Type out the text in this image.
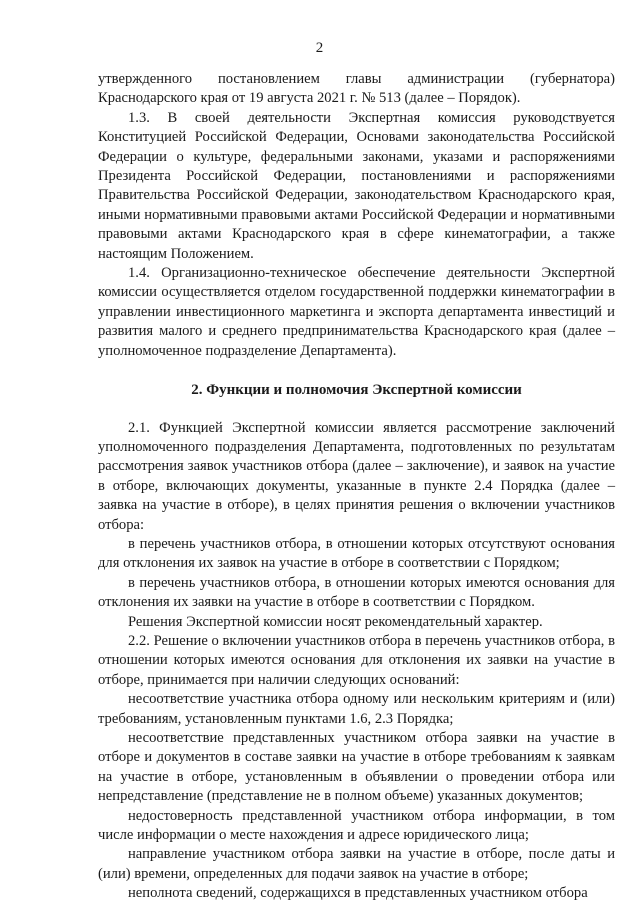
2

утвержденного постановлением главы администрации (губернатора) Краснодарского края от 19 августа 2021 г. № 513 (далее – Порядок).

1.3. В своей деятельности Экспертная комиссия руководствуется Конституцией Российской Федерации, Основами законодательства Российской Федерации о культуре, федеральными законами, указами и распоряжениями Президента Российской Федерации, постановлениями и распоряжениями Правительства Российской Федерации, законодательством Краснодарского края, иными нормативными правовыми актами Российской Федерации и нормативными правовыми актами Краснодарского края в сфере кинематографии, а также настоящим Положением.

1.4. Организационно-техническое обеспечение деятельности Экспертной комиссии осуществляется отделом государственной поддержки кинематографии в управлении инвестиционного маркетинга и экспорта департамента инвестиций и развития малого и среднего предпринимательства Краснодарского края (далее – уполномоченное подразделение Департамента).

2. Функции и полномочия Экспертной комиссии

2.1. Функцией Экспертной комиссии является рассмотрение заключений уполномоченного подразделения Департамента, подготовленных по результатам рассмотрения заявок участников отбора (далее – заключение), и заявок на участие в отборе, включающих документы, указанные в пункте 2.4 Порядка (далее – заявка на участие в отборе), в целях принятия решения о включении участников отбора:

в перечень участников отбора, в отношении которых отсутствуют основания для отклонения их заявок на участие в отборе в соответствии с Порядком;

в перечень участников отбора, в отношении которых имеются основания для отклонения их заявки на участие в отборе в соответствии с Порядком.

Решения Экспертной комиссии носят рекомендательный характер.

2.2. Решение о включении участников отбора в перечень участников отбора, в отношении которых имеются основания для отклонения их заявки на участие в отборе, принимается при наличии следующих оснований:

несоответствие участника отбора одному или нескольким критериям и (или) требованиям, установленным пунктами 1.6, 2.3 Порядка;

несоответствие представленных участником отбора заявки на участие в отборе и документов в составе заявки на участие в отборе требованиям к заявкам на участие в отборе, установленным в объявлении о проведении отбора или непредставление (представление не в полном объеме) указанных документов;

недостоверность представленной участником отбора информации, в том числе информации о месте нахождения и адресе юридического лица;

направление участником отбора заявки на участие в отборе, после даты и (или) времени, определенных для подачи заявок на участие в отборе;

неполнота сведений, содержащихся в представленных участником отбора
